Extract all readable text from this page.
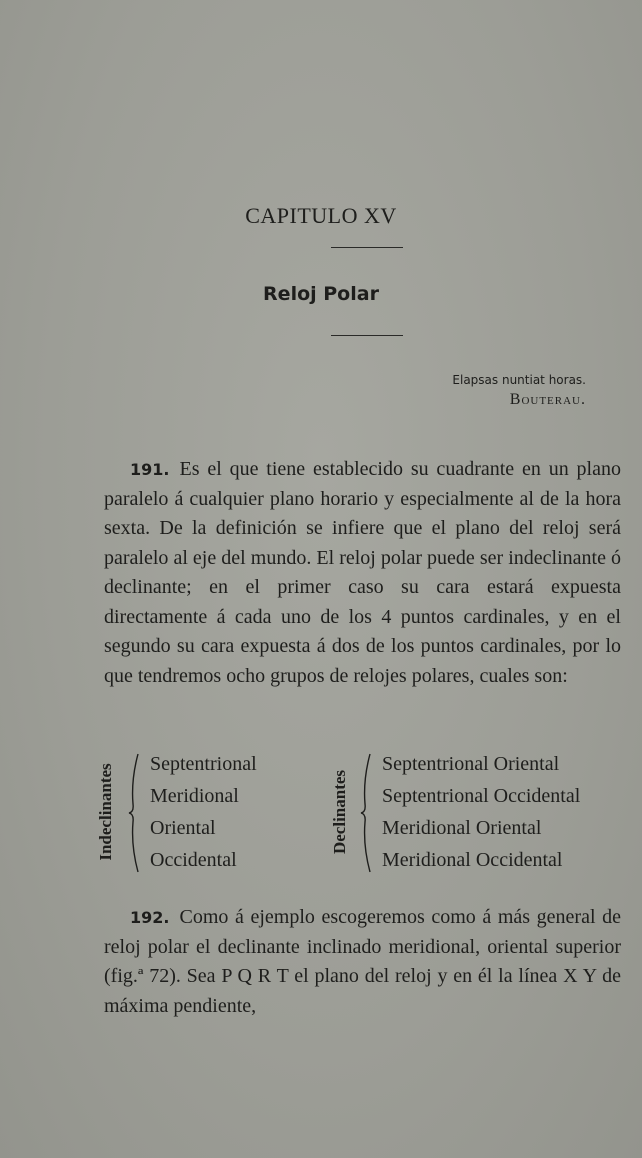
CAPITULO XV
Reloj Polar
Elapsas nuntiat horas.
Bouterau.
191. Es el que tiene establecido su cuadrante en un plano paralelo á cualquier plano horario y especialmente al de la hora sexta. De la definición se infiere que el plano del reloj será paralelo al eje del mundo. El reloj polar puede ser indeclinante ó declinante; en el primer caso su cara estará expuesta directamente á cada uno de los 4 puntos cardinales, y en el segundo su cara expuesta á dos de los puntos cardinales, por lo que tendremos ocho grupos de relojes polares, cuales son:
Indeclinantes Septentrional
Meridional
Oriental
Occidental
Declinantes
Septentrional Oriental
Septentrional Occidental
Meridional Oriental
Meridional Occidental
192. Como á ejemplo escogeremos como á más general de reloj polar el declinante inclinado meridional, oriental superior (fig.ª 72). Sea P Q R T el plano del reloj y en él la línea X Y de máxima pendiente,
